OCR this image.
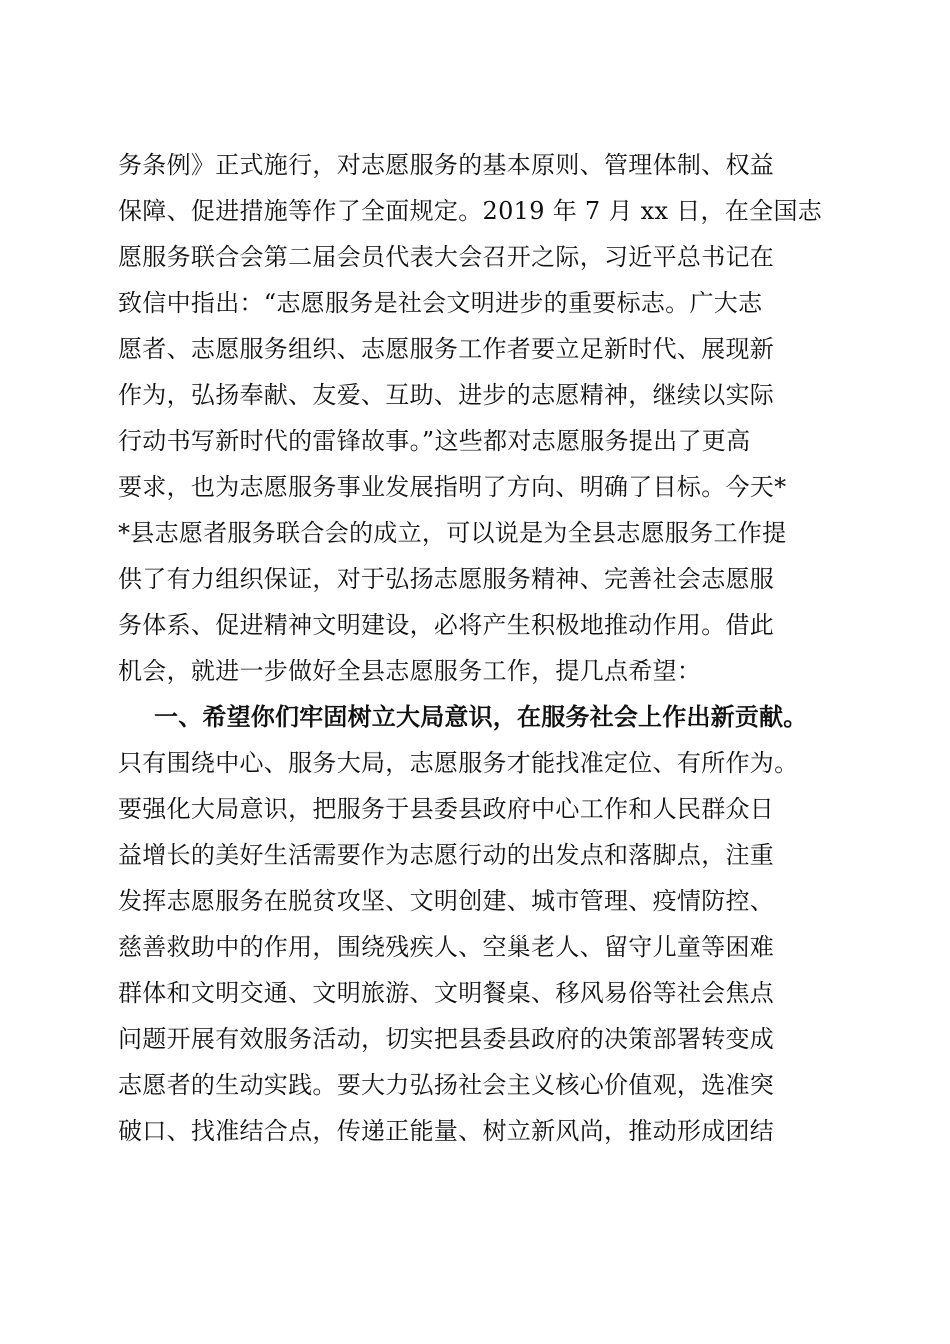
务条例》正式施行，对志愿服务的基本原则、管理体制、权益
保障、促进措施等作了全面规定。2019 年 7 月 xx 日，在全国志
愿服务联合会第二届会员代表大会召开之际，习近平总书记在
致信中指出：“志愿服务是社会文明进步的重要标志。广大志
愿者、志愿服务组织、志愿服务工作者要立足新时代、展现新
作为，弘扬奉献、友爱、互助、进步的志愿精神，继续以实际
行动书写新时代的雷锋故事。”这些都对志愿服务提出了更高
要求，也为志愿服务事业发展指明了方向、明确了目标。今天*
*县志愿者服务联合会的成立，可以说是为全县志愿服务工作提
供了有力组织保证，对于弘扬志愿服务精神、完善社会志愿服
务体系、促进精神文明建设，必将产生积极地推动作用。借此
机会，就进一步做好全县志愿服务工作，提几点希望：
一、希望你们牢固树立大局意识，在服务社会上作出新贡献。
只有围绕中心、服务大局，志愿服务才能找准定位、有所作为。
要强化大局意识，把服务于县委县政府中心工作和人民群众日
益增长的美好生活需要作为志愿行动的出发点和落脚点，注重
发挥志愿服务在脱贫攻坚、文明创建、城市管理、疫情防控、
慈善救助中的作用，围绕残疾人、空巢老人、留守儿童等困难
群体和文明交通、文明旅游、文明餐桌、移风易俗等社会焦点
问题开展有效服务活动，切实把县委县政府的决策部署转变成
志愿者的生动实践。要大力弘扬社会主义核心价值观，选准突
破口、找准结合点，传递正能量、树立新风尚，推动形成团结
